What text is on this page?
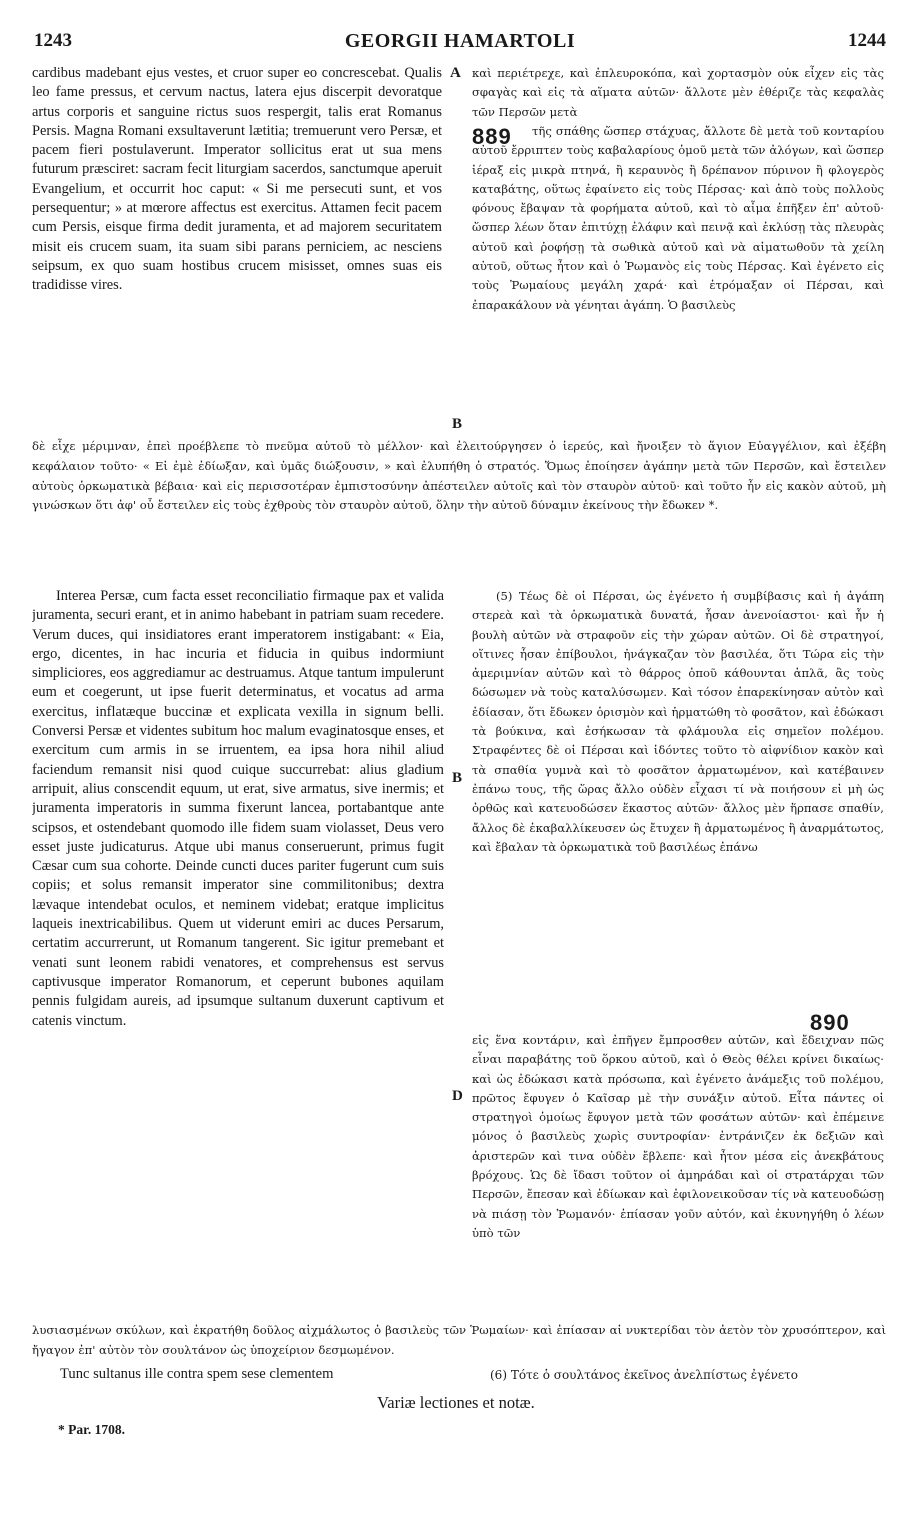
1243	GEORGII HAMARTOLI	1244

cardibus madebant ejus vestes, et cruor super eo concrescebat. Qualis leo fame pressus, et cervum nactus, latera ejus discerpit devoratque artus corporis et sanguine rictus suos respergit, talis erat Romanus Persis. Magna Romani exsultaverunt lætitia; tremuerunt vero Persæ, et pacem fieri postulaverunt. Imperator sollicitus erat ut sua mens futurum præsciret: sacram fecit liturgiam sacerdos, sanctumque aperuit Evangelium, et occurrit hoc caput: « Si me persecuti sunt, et vos persequentur; » at mœrore affectus est exercitus. Attamen fecit pacem cum Persis, eisque firma dedit juramenta, et ad majorem securitatem misit eis crucem suam, ita suam sibi parans perniciem, ac nesciens seipsum, ex quo suam hostibus crucem misisset, omnes suas eis tradidisse vires.

A καὶ περιέτρεχε, καὶ ἐπλευροκόπα, καὶ χορτασμὸν οὐκ εἶχεν εἰς τὰς σφαγὰς καὶ εἰς τὰ αἵματα αὐτῶν· ἄλλοτε μὲν ἐθέριζε τὰς κεφαλὰς τῶν Περσῶν μετὰ

889	τῆς σπάθης ὥσπερ στάχυας, ἄλλοτε δὲ μετὰ τοῦ κονταρίου αὐτοῦ ἔρριπτεν τοὺς καβαλαρίους ὁμοῦ μετὰ τῶν ἀλόγων, καὶ ὥσπερ ἱέραξ εἰς μικρὰ πτηνά, ἢ κεραυνὸς ἢ δρέπανον πύρινον ἢ φλογερὸς καταβάτης, οὕτως ἐφαίνετο εἰς τοὺς Πέρσας· καὶ ἀπὸ τοὺς πολλοὺς φόνους ἔβαψαν τὰ φορήματα αὐτοῦ, καὶ τὸ αἷμα ἐπῆξεν ἐπ' αὐτοῦ· ὥσπερ λέων ὅταν ἐπιτύχῃ ἐλάφιν καὶ πεινᾷ καὶ ἐκλύσῃ τὰς πλευρὰς αὐτοῦ καὶ ῥοφήσῃ τὰ σωθικὰ αὐτοῦ καὶ νὰ αἱματωθοῦν τὰ χείλη αὐτοῦ, οὕτως ἦτον καὶ ὁ Ῥωμανὸς εἰς τοὺς Πέρσας. Καὶ ἐγένετο εἰς τοὺς Ῥωμαίους μεγάλη χαρά· καὶ ἐτρόμαξαν οἱ Πέρσαι, καὶ ἐπαρακάλουν νὰ γένηται ἀγάπη. Ὁ βασιλεὺς

B

δὲ εἶχε μέριμναν, ἐπεὶ προέβλεπε τὸ πνεῦμα αὐτοῦ τὸ μέλλον· καὶ ἐλειτούργησεν ὁ ἱερεύς, καὶ ἤνοιξεν τὸ ἅγιον Εὐαγγέλιον, καὶ ἐξέβη κεφάλαιον τοῦτο· « Εἰ ἐμὲ ἐδίωξαν, καὶ ὑμᾶς διώξουσιν, » καὶ ἐλυπήθη ὁ στρατός. Ὅμως ἐποίησεν ἀγάπην μετὰ τῶν Περσῶν, καὶ ἔστειλεν αὐτοὺς ὁρκωματικὰ βέβαια· καὶ εἰς περισσοτέραν ἐμπιστοσύνην ἀπέστειλεν αὐτοῖς καὶ τὸν σταυρὸν αὐτοῦ· καὶ τοῦτο ἦν εἰς κακὸν αὐτοῦ, μὴ γινώσκων ὅτι ἀφ' οὗ ἔστειλεν εἰς τοὺς ἐχθροὺς τὸν σταυρὸν αὐτοῦ, ὅλην τὴν αὐτοῦ δύναμιν ἐκείνους τὴν ἔδωκεν *.

Interea Persæ, cum facta esset reconciliatio firmaque pax et valida juramenta, securi erant, et in animo habebant in patriam suam recedere. Verum duces, qui insidiatores erant imperatorem instigabant: « Eia, ergo, dicentes, in hac incuria et fiducia in quibus indormiunt simpliciores, eos aggrediamur ac destruamus. Atque tantum impulerunt eum et coegerunt, ut ipse fuerit determinatus, et vocatus ad arma exercitus, inflatæque buccinæ et explicata vexilla in signum belli. Conversi Persæ et videntes subitum hoc malum evaginatosque enses, et exercitum cum armis in se irruentem, ea ipsa hora nihil aliud faciendum remansit nisi quod cuique succurrebat: alius gladium arripuit, alius conscendit equum, ut erat, sive armatus, sive inermis; et juramenta imperatoris in summa fixerunt lancea, portabantque ante scipsos, et ostendebant quomodo ille fidem suam violasset, Deus vero esset juste judicaturus. Atque ubi manus conseruerunt, primus fugit Cæsar cum sua cohorte. Deinde cuncti duces pariter fugerunt cum suis copiis; et solus remansit imperator sine commilitonibus; dextra lævaque intendebat oculos, et neminem videbat; eratque implicitus laqueis inextricabilibus. Quem ut viderunt emiri ac duces Persarum, certatim accurrerunt, ut Romanum tangerent. Sic igitur premebant et venati sunt leonem rabidi venatores, et comprehensus est servus captivusque imperator Romanorum, et ceperunt bubones aquilam pennis fulgidam aureis, ad ipsumque sultanum duxerunt captivum et catenis vinctum.

B
D

(5) Τέως δὲ οἱ Πέρσαι, ὡς ἐγένετο ἡ συμβίβασις καὶ ἡ ἀγάπη στερεὰ καὶ τὰ ὁρκωματικὰ δυνατά, ἦσαν ἀνενοίαστοι· καὶ ἦν ἡ βουλὴ αὐτῶν νὰ στραφοῦν εἰς τὴν χώραν αὐτῶν. Οἱ δὲ στρατηγοί, οἵτινες ἦσαν ἐπίβουλοι, ἠνάγκαζαν τὸν βασιλέα, ὅτι Τώρα εἰς τὴν ἀμεριμνίαν αὐτῶν καὶ τὸ θάρρος ὁποῦ κάθουνται ἁπλᾶ, ἂς τοὺς δώσωμεν νὰ τοὺς καταλύσωμεν. Καὶ τόσον ἐπαρεκίνησαν αὐτὸν καὶ ἐδίασαν, ὅτι ἔδωκεν ὁρισμὸν καὶ ἡρματώθη τὸ φοσᾶτον, καὶ ἐδώκασι τὰ βούκινα, καὶ ἐσήκωσαν τὰ φλάμουλα εἰς σημεῖον πολέμου. Στραφέντες δὲ οἱ Πέρσαι καὶ ἰδόντες τοῦτο τὸ αἰφνίδιον κακὸν καὶ τὰ σπαθία γυμνὰ καὶ τὸ φοσᾶτον ἁρματωμένον, καὶ κατέβαινεν ἐπάνω τους, τῆς ὥρας ἄλλο οὐδὲν εἶχασι τί νὰ ποιήσουν εἰ μὴ ὡς ὀρθῶς καὶ κατευοδώσεν ἕκαστος αὐτῶν· ἄλλος μὲν ἥρπασε σπαθίν, ἄλλος δὲ ἐκαβαλλίκευσεν ὡς ἔτυχεν ἢ ἁρματωμένος ἢ ἀναρμάτωτος, καὶ ἔβαλαν τὰ ὁρκωματικὰ τοῦ βασιλέως ἐπάνω

890

εἰς ἕνα κοντάριν, καὶ ἐπῆγεν ἔμπροσθεν αὐτῶν, καὶ ἔδειχναν πῶς εἶναι παραβάτης τοῦ ὅρκου αὐτοῦ, καὶ ὁ Θεὸς θέλει κρίνει δικαίως· καὶ ὡς ἐδώκασι κατὰ πρόσωπα, καὶ ἐγένετο ἀνάμεξις τοῦ πολέμου, πρῶτος ἔφυγεν ὁ Καῖσαρ μὲ τὴν συνάξιν αὐτοῦ. Εἶτα πάντες οἱ στρατηγοὶ ὁμοίως ἔφυγον μετὰ τῶν φοσάτων αὐτῶν· καὶ ἐπέμεινε μόνος ὁ βασιλεὺς χωρὶς συντροφίαν· ἐντράνιζεν ἐκ δεξιῶν καὶ ἀριστερῶν καὶ τινα οὐδὲν ἔβλεπε· καὶ ἦτον μέσα εἰς ἀνεκβάτους βρόχους. Ὡς δὲ ἴδασι τοῦτον οἱ ἀμηράδαι καὶ οἱ στρατάρχαι τῶν Περσῶν, ἔπεσαν καὶ ἐδίωκαν καὶ ἐφιλονεικοῦσαν τίς νὰ κατευοδώσῃ νὰ πιάσῃ τὸν Ῥωμανόν· ἐπίασαν γοῦν αὐτόν, καὶ ἐκυνηγήθη ὁ λέων ὑπὸ τῶν

λυσιασμένων σκύλων, καὶ ἐκρατήθη δοῦλος αἰχμάλωτος ὁ βασιλεὺς τῶν Ῥωμαίων· καὶ ἐπίασαν αἱ νυκτερίδαι τὸν ἀετὸν τὸν χρυσόπτερον, καὶ ἤγαγον ἐπ' αὐτὸν τὸν σουλτάνον ὡς ὑποχείριον δεσμωμένον.

Tunc sultanus ille contra spem sese clementem	(6) Τότε ὁ σουλτάνος ἐκεῖνος ἀνελπίστως ἐγένετο
Variæ lectiones et notæ.
* Par. 1708.
